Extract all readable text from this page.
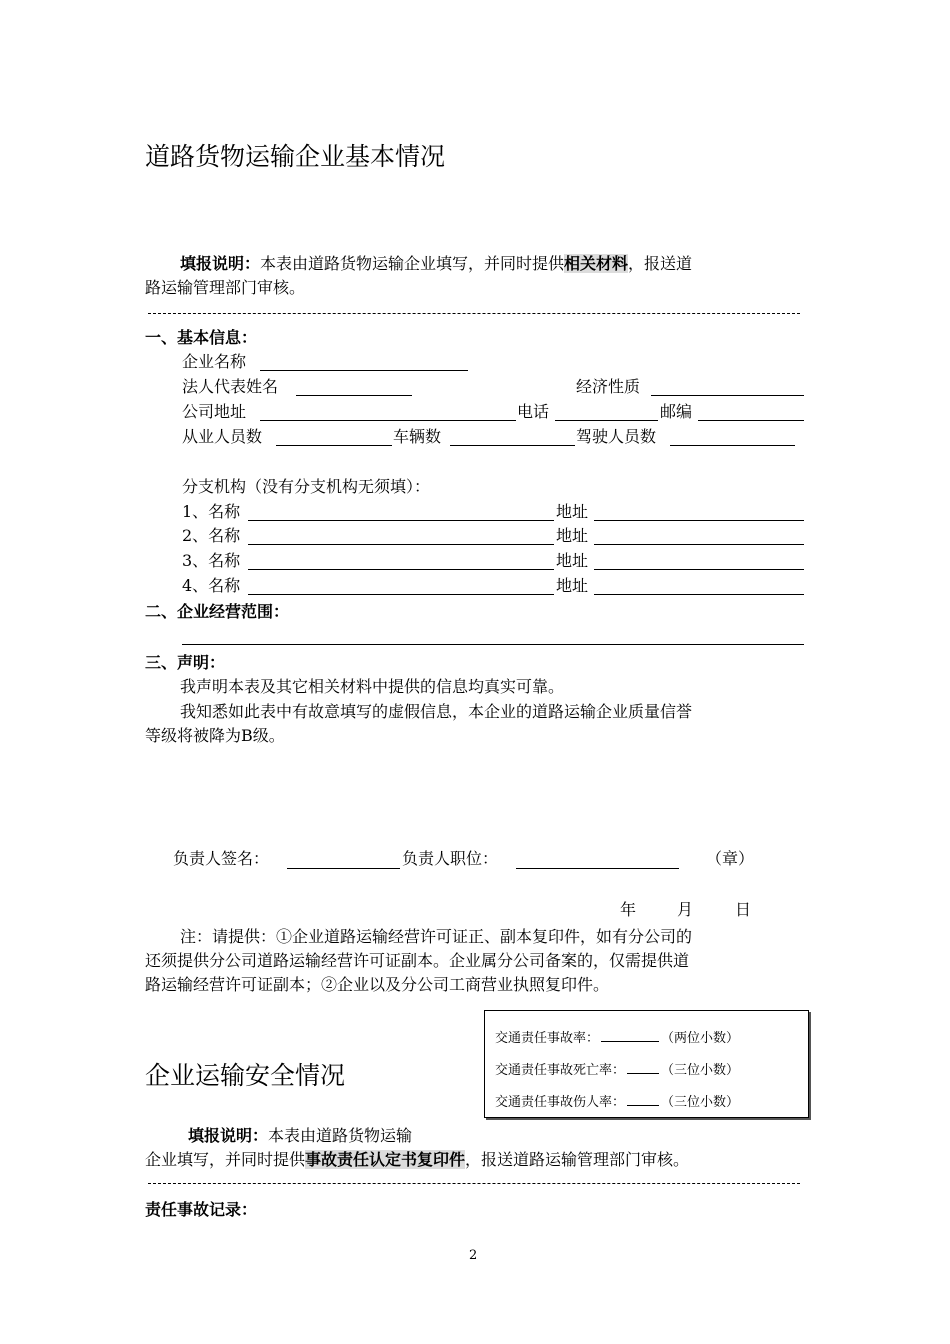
道路货物运输企业基本情况
填报说明：本表由道路货物运输企业填写，并同时提供相关材料，报送道
路运输管理部门审核。
一、基本信息：
企业名称
法人代表姓名	经济性质
公司地址	电话	邮编
从业人员数	车辆数	驾驶人员数
分支机构（没有分支机构无须填）：
1、名称	地址
2、名称	地址
3、名称	地址
4、名称	地址
二、企业经营范围：
三、声明：
我声明本表及其它相关材料中提供的信息均真实可靠。
我知悉如此表中有故意填写的虚假信息，本企业的道路运输企业质量信誉
等级将被降为B级。
负责人签名：	负责人职位：	（章）
年	月	日
注：请提供：①企业道路运输经营许可证正、副本复印件，如有分公司的
还须提供分公司道路运输经营许可证副本。企业属分公司备案的，仅需提供道
路运输经营许可证副本；②企业以及分公司工商营业执照复印件。
交通责任事故率：	（两位小数）
交通责任事故死亡率：	（三位小数）
交通责任事故伤人率：	（三位小数）
企业运输安全情况
填报说明：本表由道路货物运输
企业填写，并同时提供事故责任认定书复印件，报送道路运输管理部门审核。
责任事故记录：
2
